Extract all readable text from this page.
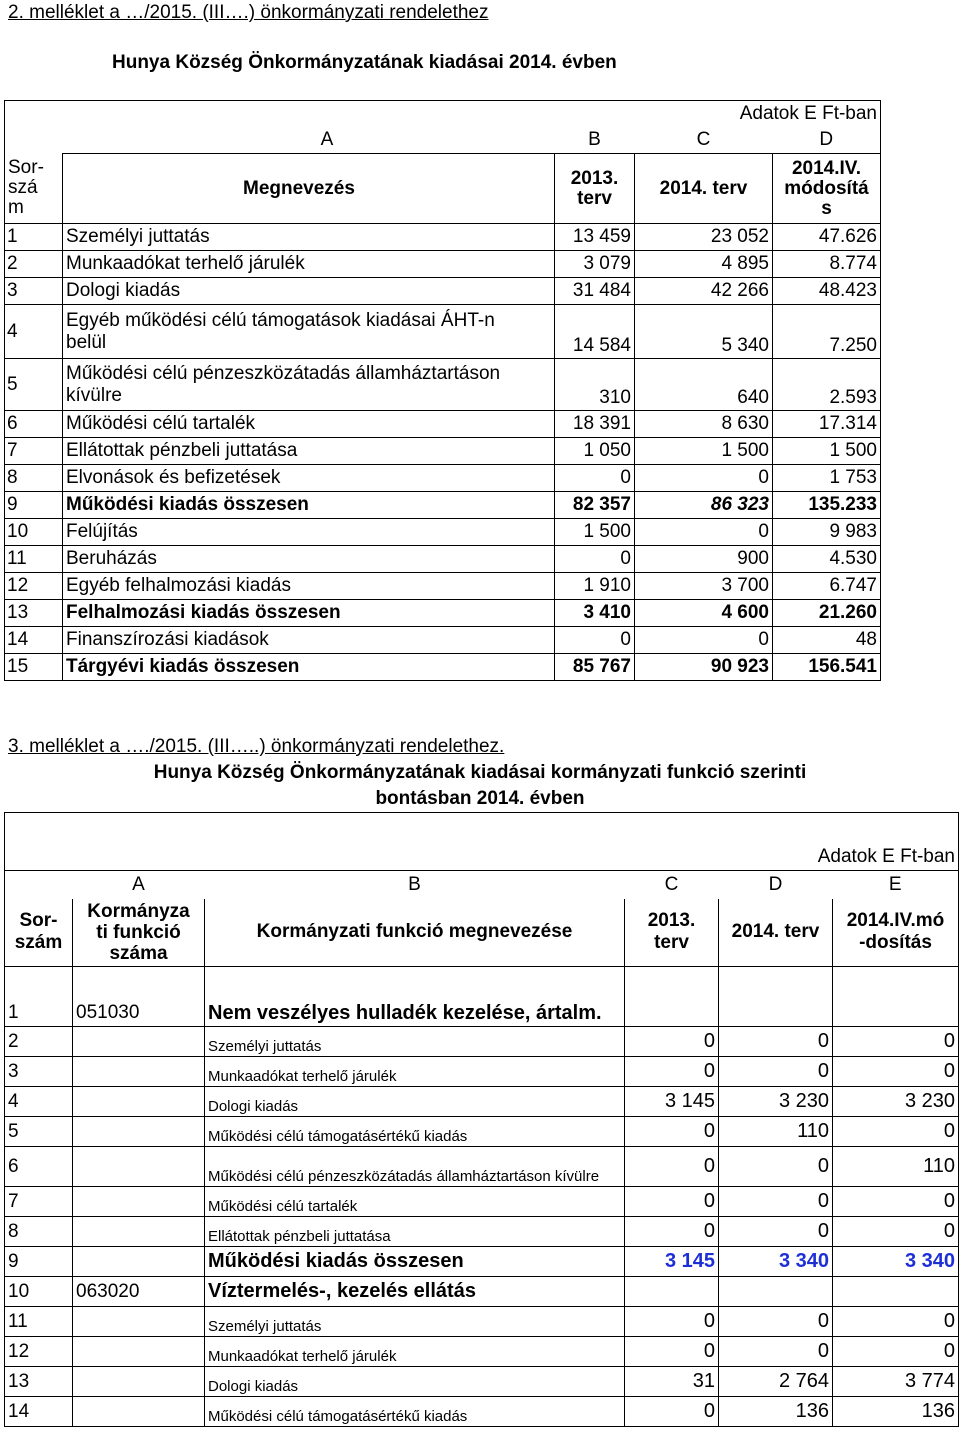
2. melléklet a …/2015. (III….) önkormányzati rendelethez
Hunya Község Önkormányzatának kiadásai 2014. évben
			Adatok E Ft-ban	
	A	B	C	D
Sor-
szá
m	Megnevezés	2013.
terv	2014. terv	2014.IV.
módosítá
s
1	Személyi juttatás	13 459	23 052	47.626
2	Munkaadókat terhelő járulék	3 079	4 895	8.774
3	Dologi kiadás	31 484	42 266	48.423
4	Egyéb működési célú támogatások kiadásai ÁHT-n belül	14 584	5 340	7.250
5	Működési célú pénzeszközátadás államháztartáson kívülre	310	640	2.593
6	Működési célú tartalék	18 391	8 630	17.314
7	Ellátottak pénzbeli juttatása	1 050	1 500	1 500
8	Elvonások és befizetések	0	0	1 753
9	Működési kiadás összesen	82 357	86 323	135.233
10	Felújítás	1 500	0	9 983
11	Beruházás	0	900	4.530
12	Egyéb felhalmozási kiadás	1 910	3 700	6.747
13	Felhalmozási kiadás összesen	3 410	4 600	21.260
14	Finanszírozási kiadások	0	0	48
15	Tárgyévi kiadás összesen	85 767	90 923	156.541
3. melléklet a …./2015. (III…..) önkormányzati rendelethez.
Hunya Község Önkormányzatának kiadásai kormányzati funkció szerinti
bontásban 2014. évben
Adatok E Ft-ban					
	A	B	C	D	E
Sor-
szám	Kormányza
ti funkció
száma	Kormányzati funkció megnevezése	2013.
terv	2014. terv	2014.IV.mó
-dosítás
1	051030	Nem veszélyes hulladék kezelése, ártalm.			
2		Személyi juttatás	0	0	0
3		Munkaadókat terhelő járulék	0	0	0
4		Dologi kiadás	3 145	3 230	3 230
5		Működési célú támogatásértékű kiadás	0	110	0
6		Működési célú pénzeszközátadás államháztartáson kívülre	0	0	110
7		Működési célú tartalék	0	0	0
8		Ellátottak pénzbeli juttatása	0	0	0
9		Működési kiadás összesen	3 145	3 340	3 340
10	063020	Víztermelés-, kezelés ellátás			
11		Személyi juttatás	0	0	0
12		Munkaadókat terhelő járulék	0	0	0
13		Dologi kiadás	31	2 764	3 774
14		Működési célú támogatásértékű kiadás	0	136	136
